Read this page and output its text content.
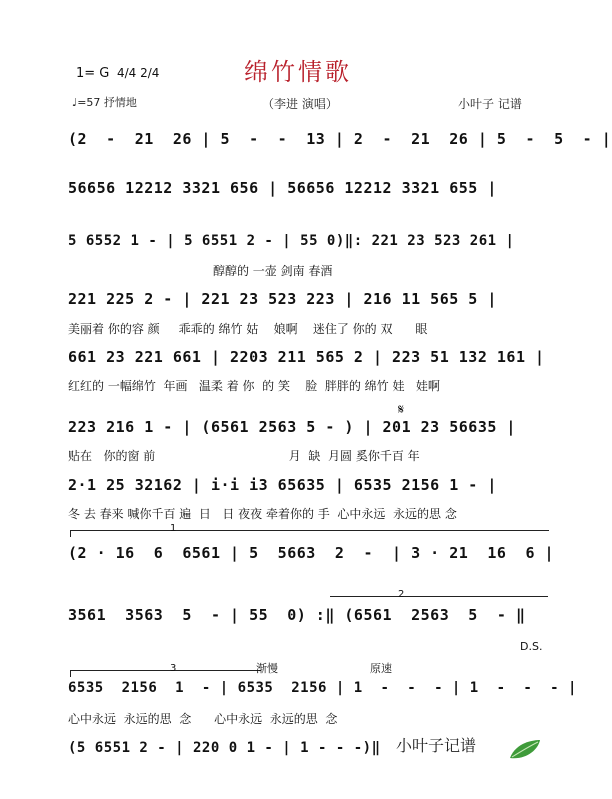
绵竹情歌
1= G 4/4 2/4
♩=57 抒情地	（李进 演唱）	小叶子 记谱
(2  -  21  26 | 5  -  -  13 | 2  -  21  26 | 5  -  5  - |
56656 12212 3321 656 | 56656 12212 3321 655 |
5 6552 1 - | 5 6551 2 - | 55 0)‖: 221 23 523 261 |
醇醇的 一壶 剑南 春酒
221 225 2 - | 221 23 523 223 | 216 11 565 5 |
美丽着 你的容 颜     乖乖的 绵竹 姑    娘啊    迷住了 你的 双      眼
661 23 221 661 | 2203 211 565 2 | 223 51 132 161 |
红红的 一幅绵竹  年画   温柔 着 你  的 笑    脸  胖胖的 绵竹 娃   娃啊
𝄋
223 216 1 - | (6561 2563 5 - ) | 201 23 56635 |
贴在   你的窗 前                                   月  缺  月圆 奚你千百 年
2·1 25 32162 | i·i i3 65635 | 6535 2156 1 - |
冬 去 春来 喊你千百 遍  日   日 夜夜 牵着你的 手  心中永远  永远的思 念
1
(2 · 16  6  6561 | 5  5663  2  -  | 3 · 21  16  6 |
2
3561  3563  5  - | 55  0) :‖ (6561  2563  5  - ‖
D.S.
3	渐慢	原速
6535  2156  1  - | 6535  2156 | 1  -  -  - | 1  -  -  - |
心中永远  永远的思  念      心中永远  永远的思  念
(5 6551 2 - | 220 0 1 - | 1 - - -)‖ 小叶子记谱
